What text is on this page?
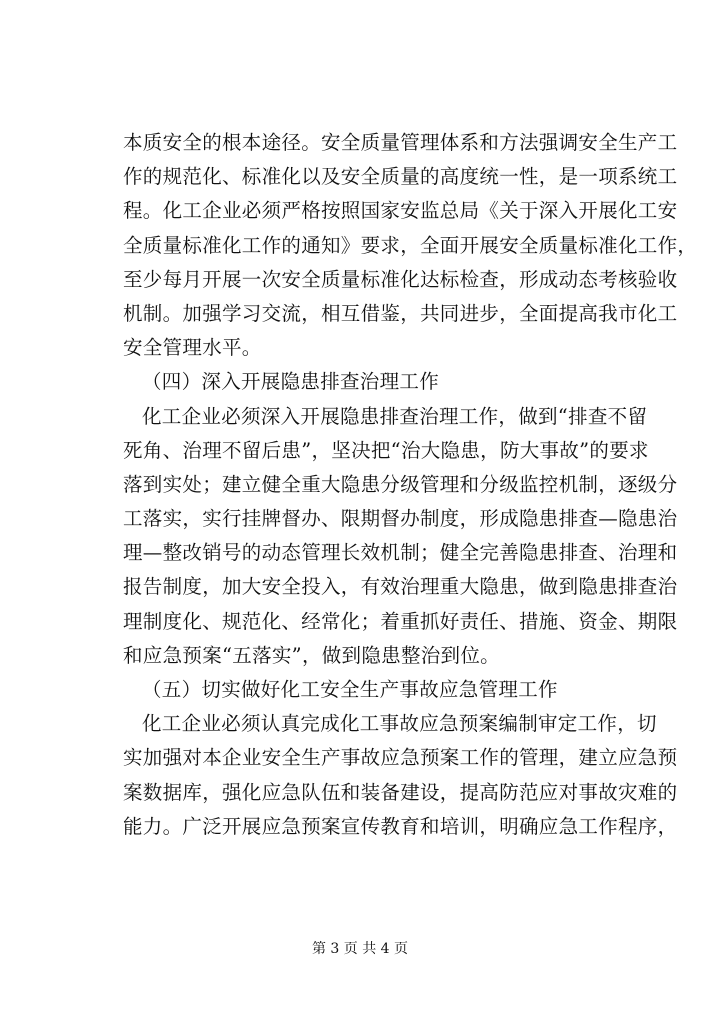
本质安全的根本途径。安全质量管理体系和方法强调安全生产工
作的规范化、标准化以及安全质量的高度统一性，是一项系统工
程。化工企业必须严格按照国家安监总局《关于深入开展化工安
全质量标准化工作的通知》要求，全面开展安全质量标准化工作，
至少每月开展一次安全质量标准化达标检查，形成动态考核验收
机制。加强学习交流，相互借鉴，共同进步，全面提高我市化工
安全管理水平。
（四）深入开展隐患排查治理工作
化工企业必须深入开展隐患排查治理工作，做到“排查不留
死角、治理不留后患”，坚决把“治大隐患，防大事故”的要求
落到实处；建立健全重大隐患分级管理和分级监控机制，逐级分
工落实，实行挂牌督办、限期督办制度，形成隐患排查—隐患治
理—整改销号的动态管理长效机制；健全完善隐患排查、治理和
报告制度，加大安全投入，有效治理重大隐患，做到隐患排查治
理制度化、规范化、经常化；着重抓好责任、措施、资金、期限
和应急预案“五落实”，做到隐患整治到位。
（五）切实做好化工安全生产事故应急管理工作
化工企业必须认真完成化工事故应急预案编制审定工作，切
实加强对本企业安全生产事故应急预案工作的管理，建立应急预
案数据库，强化应急队伍和装备建设，提高防范应对事故灾难的
能力。广泛开展应急预案宣传教育和培训，明确应急工作程序，
第 3 页 共 4 页
